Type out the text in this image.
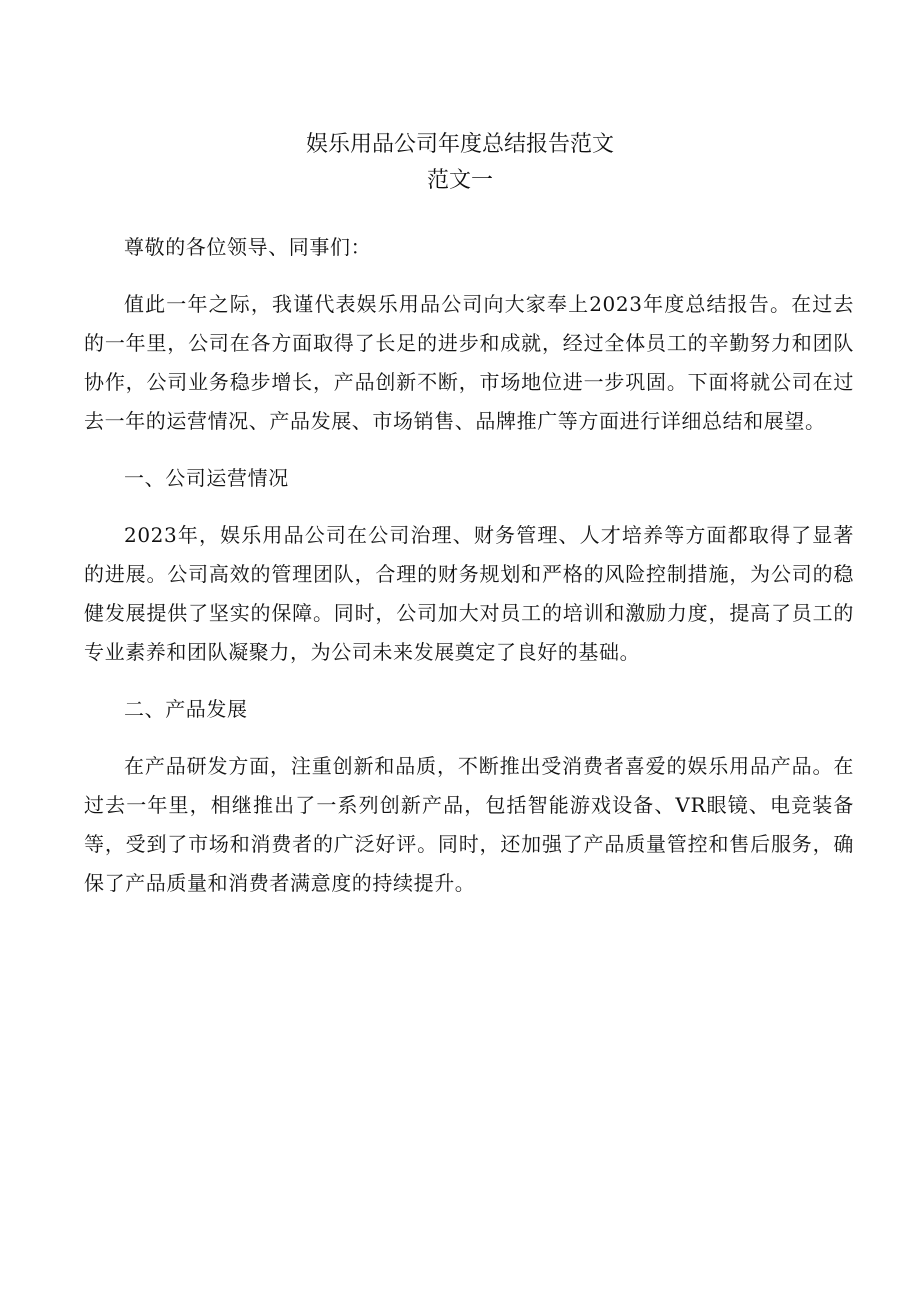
娱乐用品公司年度总结报告范文
范文一

尊敬的各位领导、同事们：

值此一年之际，我谨代表娱乐用品公司向大家奉上2023年度总结报告。在过去的一年里，公司在各方面取得了长足的进步和成就，经过全体员工的辛勤努力和团队协作，公司业务稳步增长，产品创新不断，市场地位进一步巩固。下面将就公司在过去一年的运营情况、产品发展、市场销售、品牌推广等方面进行详细总结和展望。

一、公司运营情况

2023年，娱乐用品公司在公司治理、财务管理、人才培养等方面都取得了显著的进展。公司高效的管理团队，合理的财务规划和严格的风险控制措施，为公司的稳健发展提供了坚实的保障。同时，公司加大对员工的培训和激励力度，提高了员工的专业素养和团队凝聚力，为公司未来发展奠定了良好的基础。

二、产品发展

在产品研发方面，注重创新和品质，不断推出受消费者喜爱的娱乐用品产品。在过去一年里，相继推出了一系列创新产品，包括智能游戏设备、VR眼镜、电竞装备等，受到了市场和消费者的广泛好评。同时，还加强了产品质量管控和售后服务，确保了产品质量和消费者满意度的持续提升。
